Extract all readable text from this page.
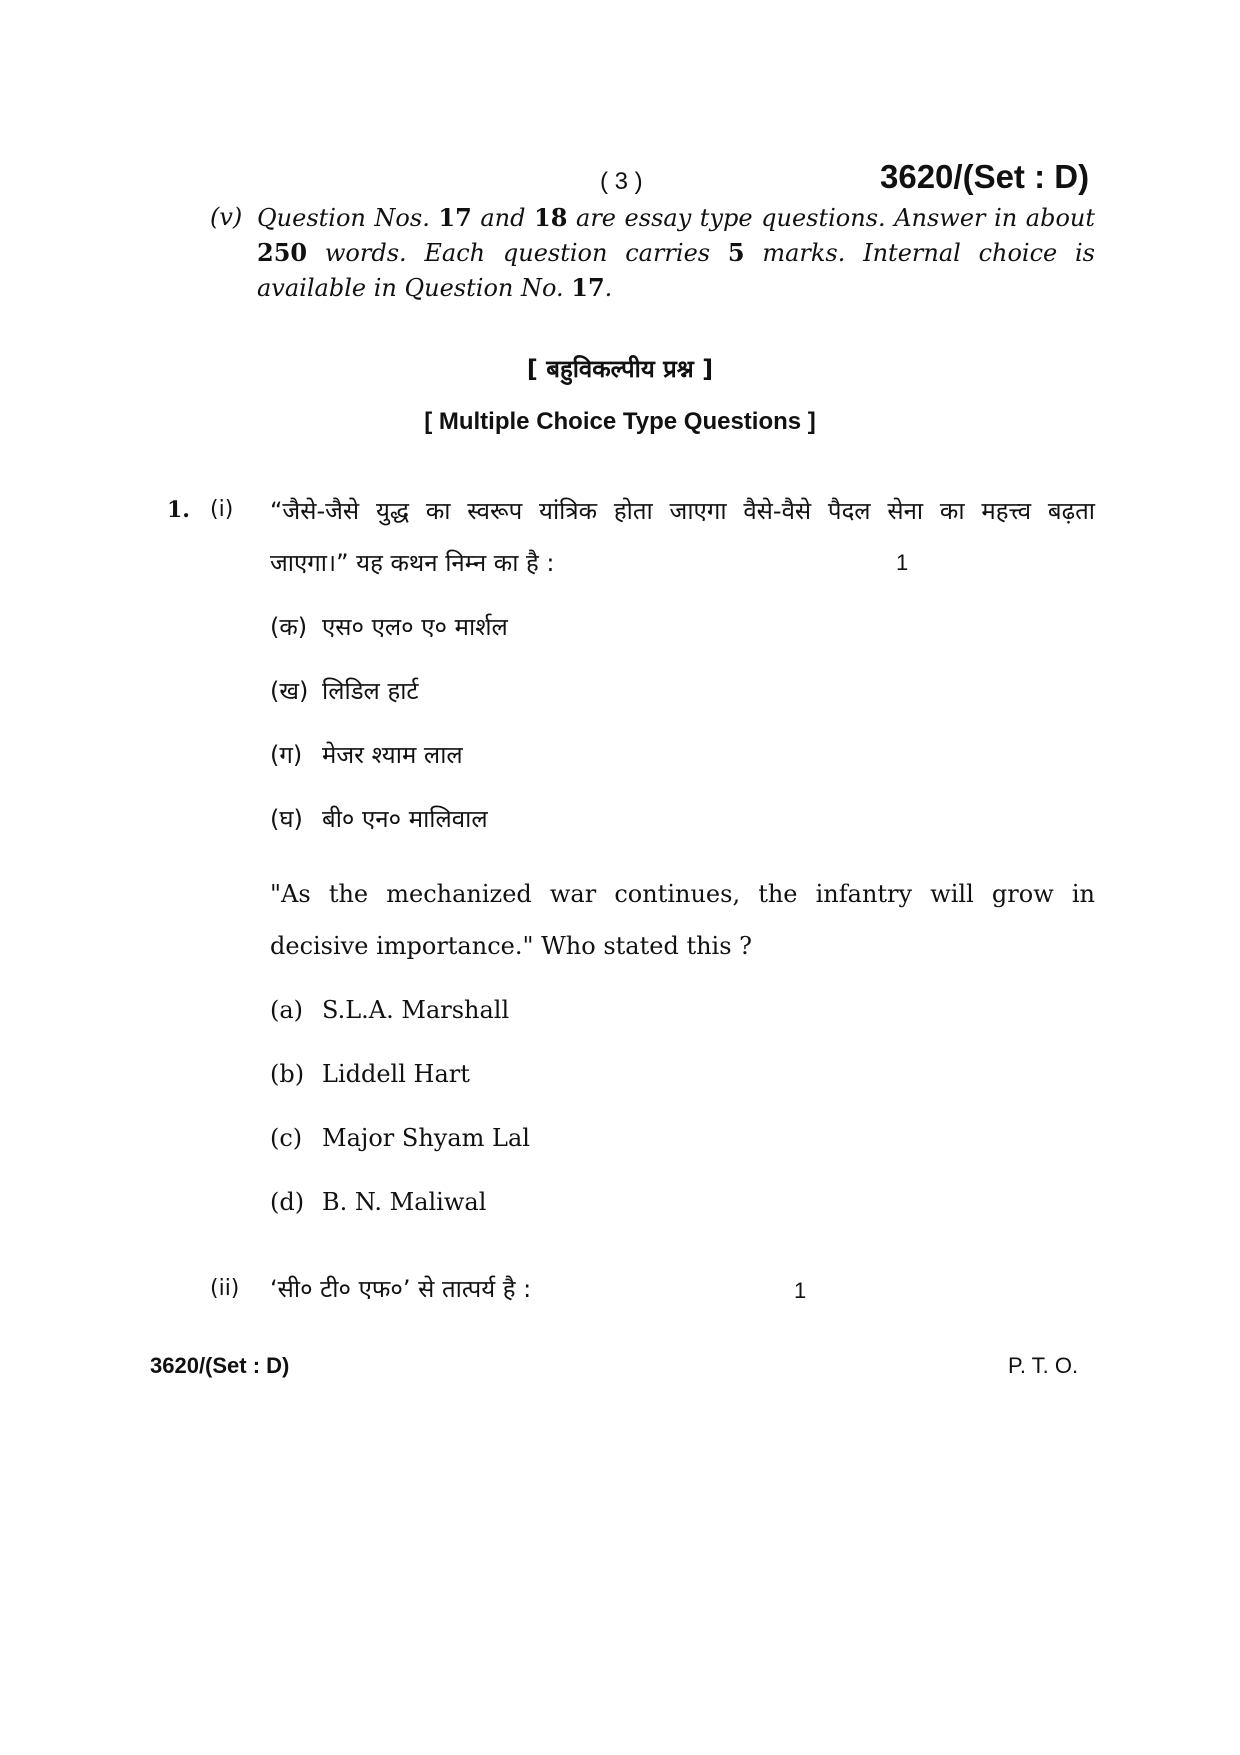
( 3 )	3620/(Set : D)
(v) Question Nos. 17 and 18 are essay type questions. Answer in about
250 words. Each question carries 5 marks. Internal choice is
available in Question No. 17.
[ बहुविकल्पीय प्रश्न ]
[ Multiple Choice Type Questions ]
1. (i) “जैसे-जैसे युद्ध का स्वरूप यांत्रिक होता जाएगा वैसे-वैसे पैदल सेना का महत्त्व बढ़ता
जाएगा।” यह कथन निम्न का है :	1
(क) एस० एल० ए० मार्शल
(ख) लिडिल हार्ट
(ग) मेजर श्याम लाल
(घ) बी० एन० मालिवाल
"As the mechanized war continues, the infantry will grow in
decisive importance." Who stated this ?
(a) S.L.A. Marshall
(b) Liddell Hart
(c) Major Shyam Lal
(d) B. N. Maliwal
(ii) ‘सी० टी० एफ०’ से तात्पर्य है :	1
3620/(Set : D)	P. T. O.
